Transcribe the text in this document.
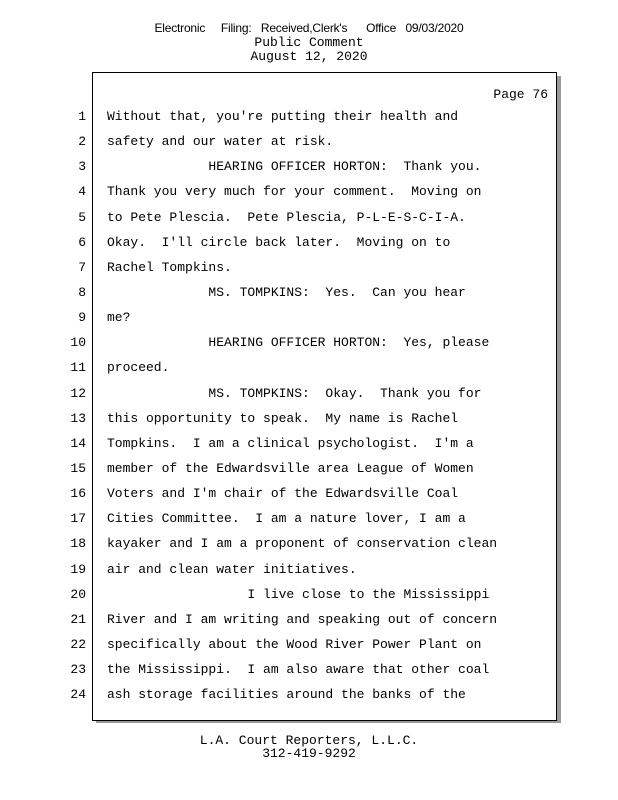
Electronic     Filing:   Received,Clerk's      Office   09/03/2020
Public Comment
August 12, 2020
Page 76
1
2
3
4
5
6
7
8
9
10
11
12
13
14
15
16
17
18
19
20
21
22
23
24
Without that, you're putting their health and
safety and our water at risk.
HEARING OFFICER HORTON:  Thank you.
Thank you very much for your comment.  Moving on
to Pete Plescia.  Pete Plescia, P-L-E-S-C-I-A.
Okay.  I'll circle back later.  Moving on to
Rachel Tompkins.
MS. TOMPKINS:  Yes.  Can you hear
me?
HEARING OFFICER HORTON:  Yes, please
proceed.
MS. TOMPKINS:  Okay.  Thank you for
this opportunity to speak.  My name is Rachel
Tompkins.  I am a clinical psychologist.  I'm a
member of the Edwardsville area League of Women
Voters and I'm chair of the Edwardsville Coal
Cities Committee.  I am a nature lover, I am a
kayaker and I am a proponent of conservation clean
air and clean water initiatives.
I live close to the Mississippi
River and I am writing and speaking out of concern
specifically about the Wood River Power Plant on
the Mississippi.  I am also aware that other coal
ash storage facilities around the banks of the
L.A. Court Reporters, L.L.C.
312-419-9292
